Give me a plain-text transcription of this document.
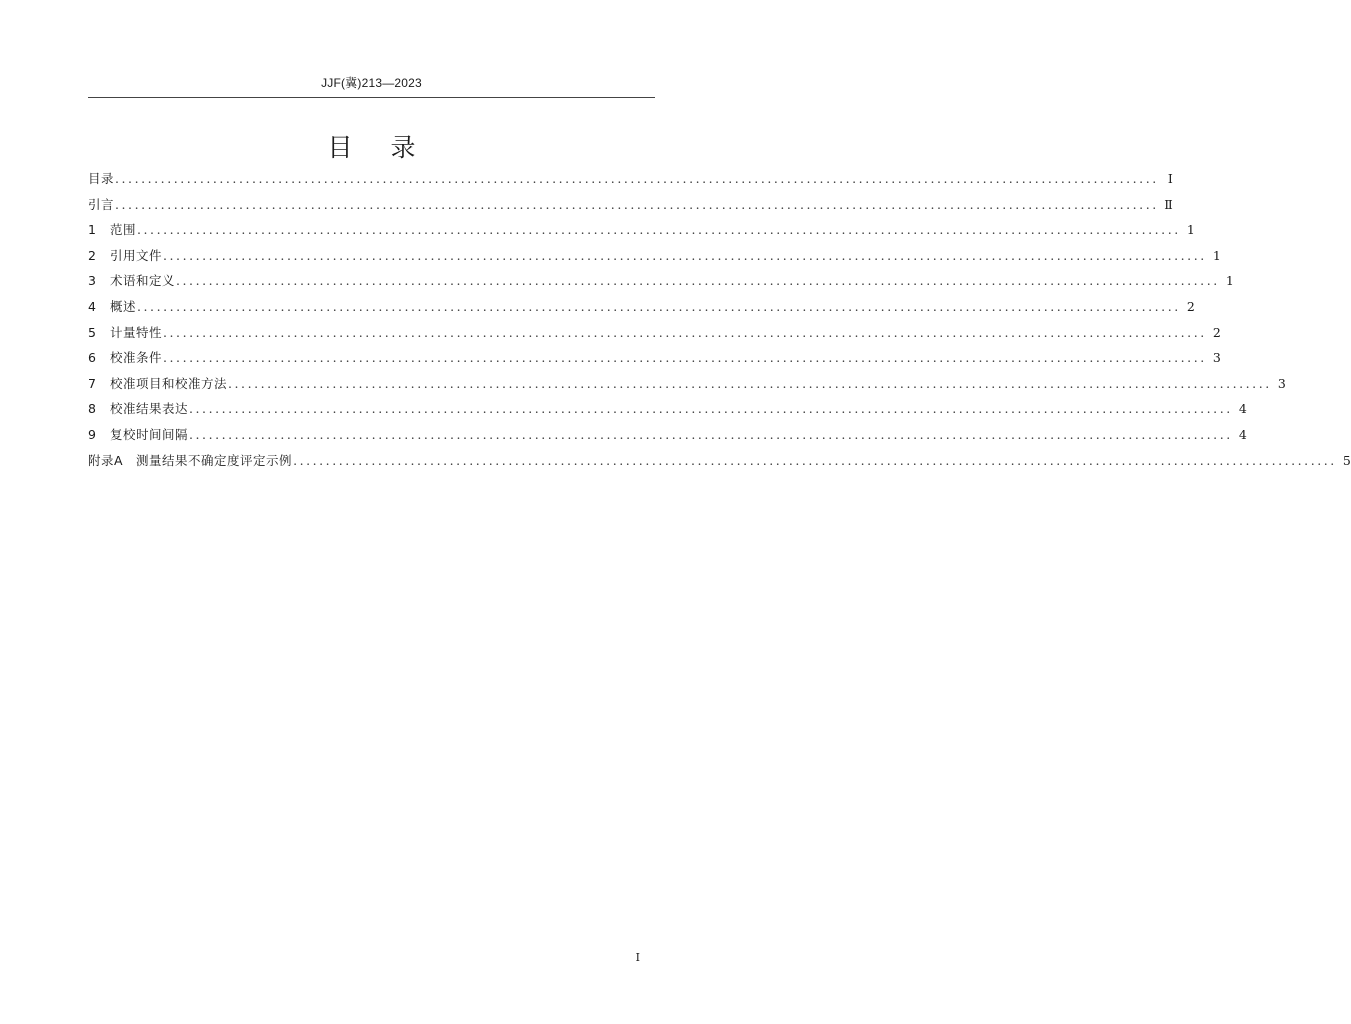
JJF(冀)213—2023
目 录
目录 ................................................................................................................................................................ Ⅰ
引言 ................................................................................................................................................................ Ⅱ
1	范围 ................................................................................................................................................................ 1
2	引用文件 ................................................................................................................................................................ 1
3	术语和定义 ................................................................................................................................................................ 1
4	概述 ................................................................................................................................................................ 2
5	计量特性 ................................................................................................................................................................ 2
6	校准条件 ................................................................................................................................................................ 3
7	校准项目和校准方法 ................................................................................................................................................................ 3
8	校准结果表达 ................................................................................................................................................................ 4
9	复校时间间隔 ................................................................................................................................................................ 4
附录A　测量结果不确定度评定示例 ................................................................................................................................................................ 5
I
